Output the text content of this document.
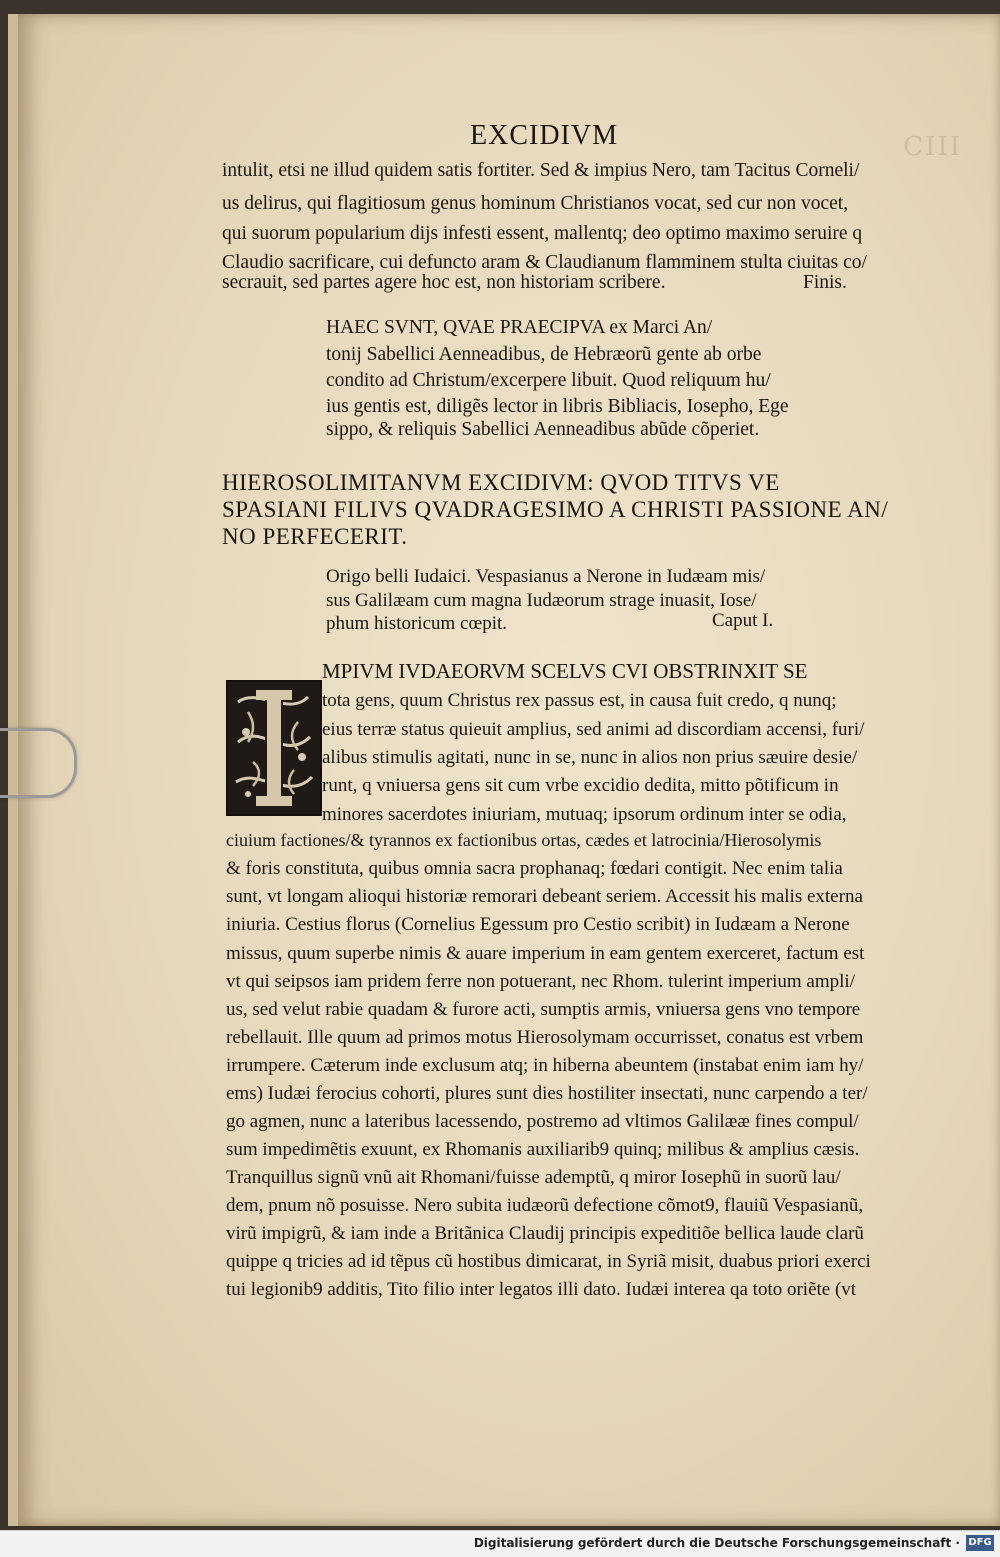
CIII
EXCIDIVM
intulit, etsi ne illud quidem satis fortiter. Sed & impius Nero, tam Tacitus Corneli/
us delirus, qui flagitiosum genus hominum Christianos vocat, sed cur non vocet,
qui suorum popularium dijs infesti essent, mallentq; deo optimo maximo seruire q
Claudio sacrificare, cui defuncto aram & Claudianum flamminem stulta ciuitas co/
secrauit, sed partes agere hoc est, non historiam scribere.	Finis.
HAEC SVNT, QVAE PRAECIPVA ex Marci An/
tonij Sabellici Aenneadibus, de Hebræorũ gente ab orbe
condito ad Christum/excerpere libuit. Quod reliquum hu/
ius gentis est, diligẽs lector in libris Bibliacis, Iosepho, Ege
sippo, & reliquis Sabellici Aenneadibus abũde cõperiet.
HIEROSOLIMITANVM EXCIDIVM: QVOD TITVS VE
SPASIANI FILIVS QVADRAGESIMO A CHRISTI PASSIONE AN/
NO PERFECERIT.
Origo belli Iudaici. Vespasianus a Nerone in Iudæam mis/
sus Galilæam cum magna Iudæorum strage inuasit, Iose/
phum historicum cœpit.	Caput I.
MPIVM IVDAEORVM SCELVS CVI OBSTRINXIT SE
tota gens, quum Christus rex passus est, in causa fuit credo, q nunq;
eius terræ status quieuit amplius, sed animi ad discordiam accensi, furi/
alibus stimulis agitati, nunc in se, nunc in alios non prius sæuire desie/
runt, q vniuersa gens sit cum vrbe excidio dedita, mitto põtificum in
minores sacerdotes iniuriam, mutuaq; ipsorum ordinum inter se odia,
ciuium factiones/& tyrannos ex factionibus ortas, cædes et latrocinia/Hierosolymis
& foris constituta, quibus omnia sacra prophanaq; fœdari contigit. Nec enim talia
sunt, vt longam alioqui historiæ remorari debeant seriem. Accessit his malis externa
iniuria. Cestius florus (Cornelius Egessum pro Cestio scribit) in Iudæam a Nerone
missus, quum superbe nimis & auare imperium in eam gentem exerceret, factum est
vt qui seipsos iam pridem ferre non potuerant, nec Rhom. tulerint imperium ampli/
us, sed velut rabie quadam & furore acti, sumptis armis, vniuersa gens vno tempore
rebellauit. Ille quum ad primos motus Hierosolymam occurrisset, conatus est vrbem
irrumpere. Cæterum inde exclusum atq; in hiberna abeuntem (instabat enim iam hy/
ems) Iudæi ferocius cohorti, plures sunt dies hostiliter insectati, nunc carpendo a ter/
go agmen, nunc a lateribus lacessendo, postremo ad vltimos Galilææ fines compul/
sum impedimẽtis exuunt, ex Rhomanis auxiliarib9 quinq; milibus & amplius cæsis.
Tranquillus signũ vnũ ait Rhomani/fuisse ademptũ, q miror Iosephũ in suorũ lau/
dem, pnum nõ posuisse. Nero subita iudæorũ defectione cõmot9, flauiũ Vespasianũ,
virũ impigrũ, & iam inde a Britãnica Claudij principis expeditiõe bellica laude clarũ
quippe q tricies ad id tẽpus cũ hostibus dimicarat, in Syriã misit, duabus priori exerci
tui legionib9 additis, Tito filio inter legatos illi dato. Iudæi interea qa toto oriẽte (vt
Digitalisierung gefördert durch die Deutsche Forschungsgemeinschaft · DFG
